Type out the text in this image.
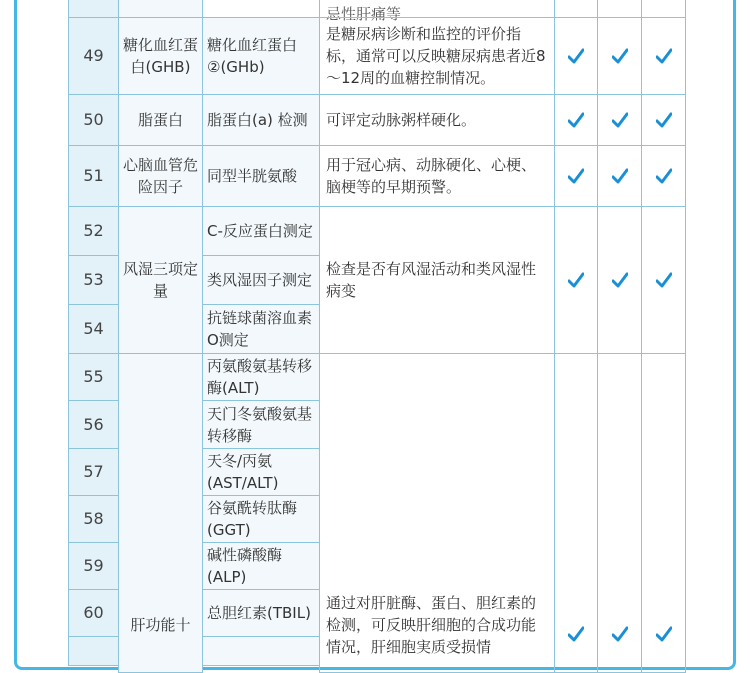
忌性肝痛等
49
糖化血红蛋白(GHB)
糖化血红蛋白②(GHb)
是糖尿病诊断和监控的评价指标，通常可以反映糖尿病患者近8～12周的血糖控制情况。
50	脂蛋白 脂蛋白(a) 检测 可评定动脉粥样硬化。
51
心脑血管危险因子
同型半胱氨酸
用于冠心病、动脉硬化、心梗、脑梗等的早期预警。
52
53
54
风湿三项定量
C-反应蛋白测定
类风湿因子测定
抗链球菌溶血素O测定
检查是否有风湿活动和类风湿性病变
55
56
57
58
59
60
肝功能十
丙氨酸氨基转移酶(ALT)
天门冬氨酸氨基转移酶
天冬/丙氨(AST/ALT)
谷氨酰转肽酶(GGT)
碱性磷酸酶(ALP)
总胆红素(TBIL)
通过对肝脏酶、蛋白、胆红素的检测，可反映肝细胞的合成功能情况，肝细胞実质受损情
